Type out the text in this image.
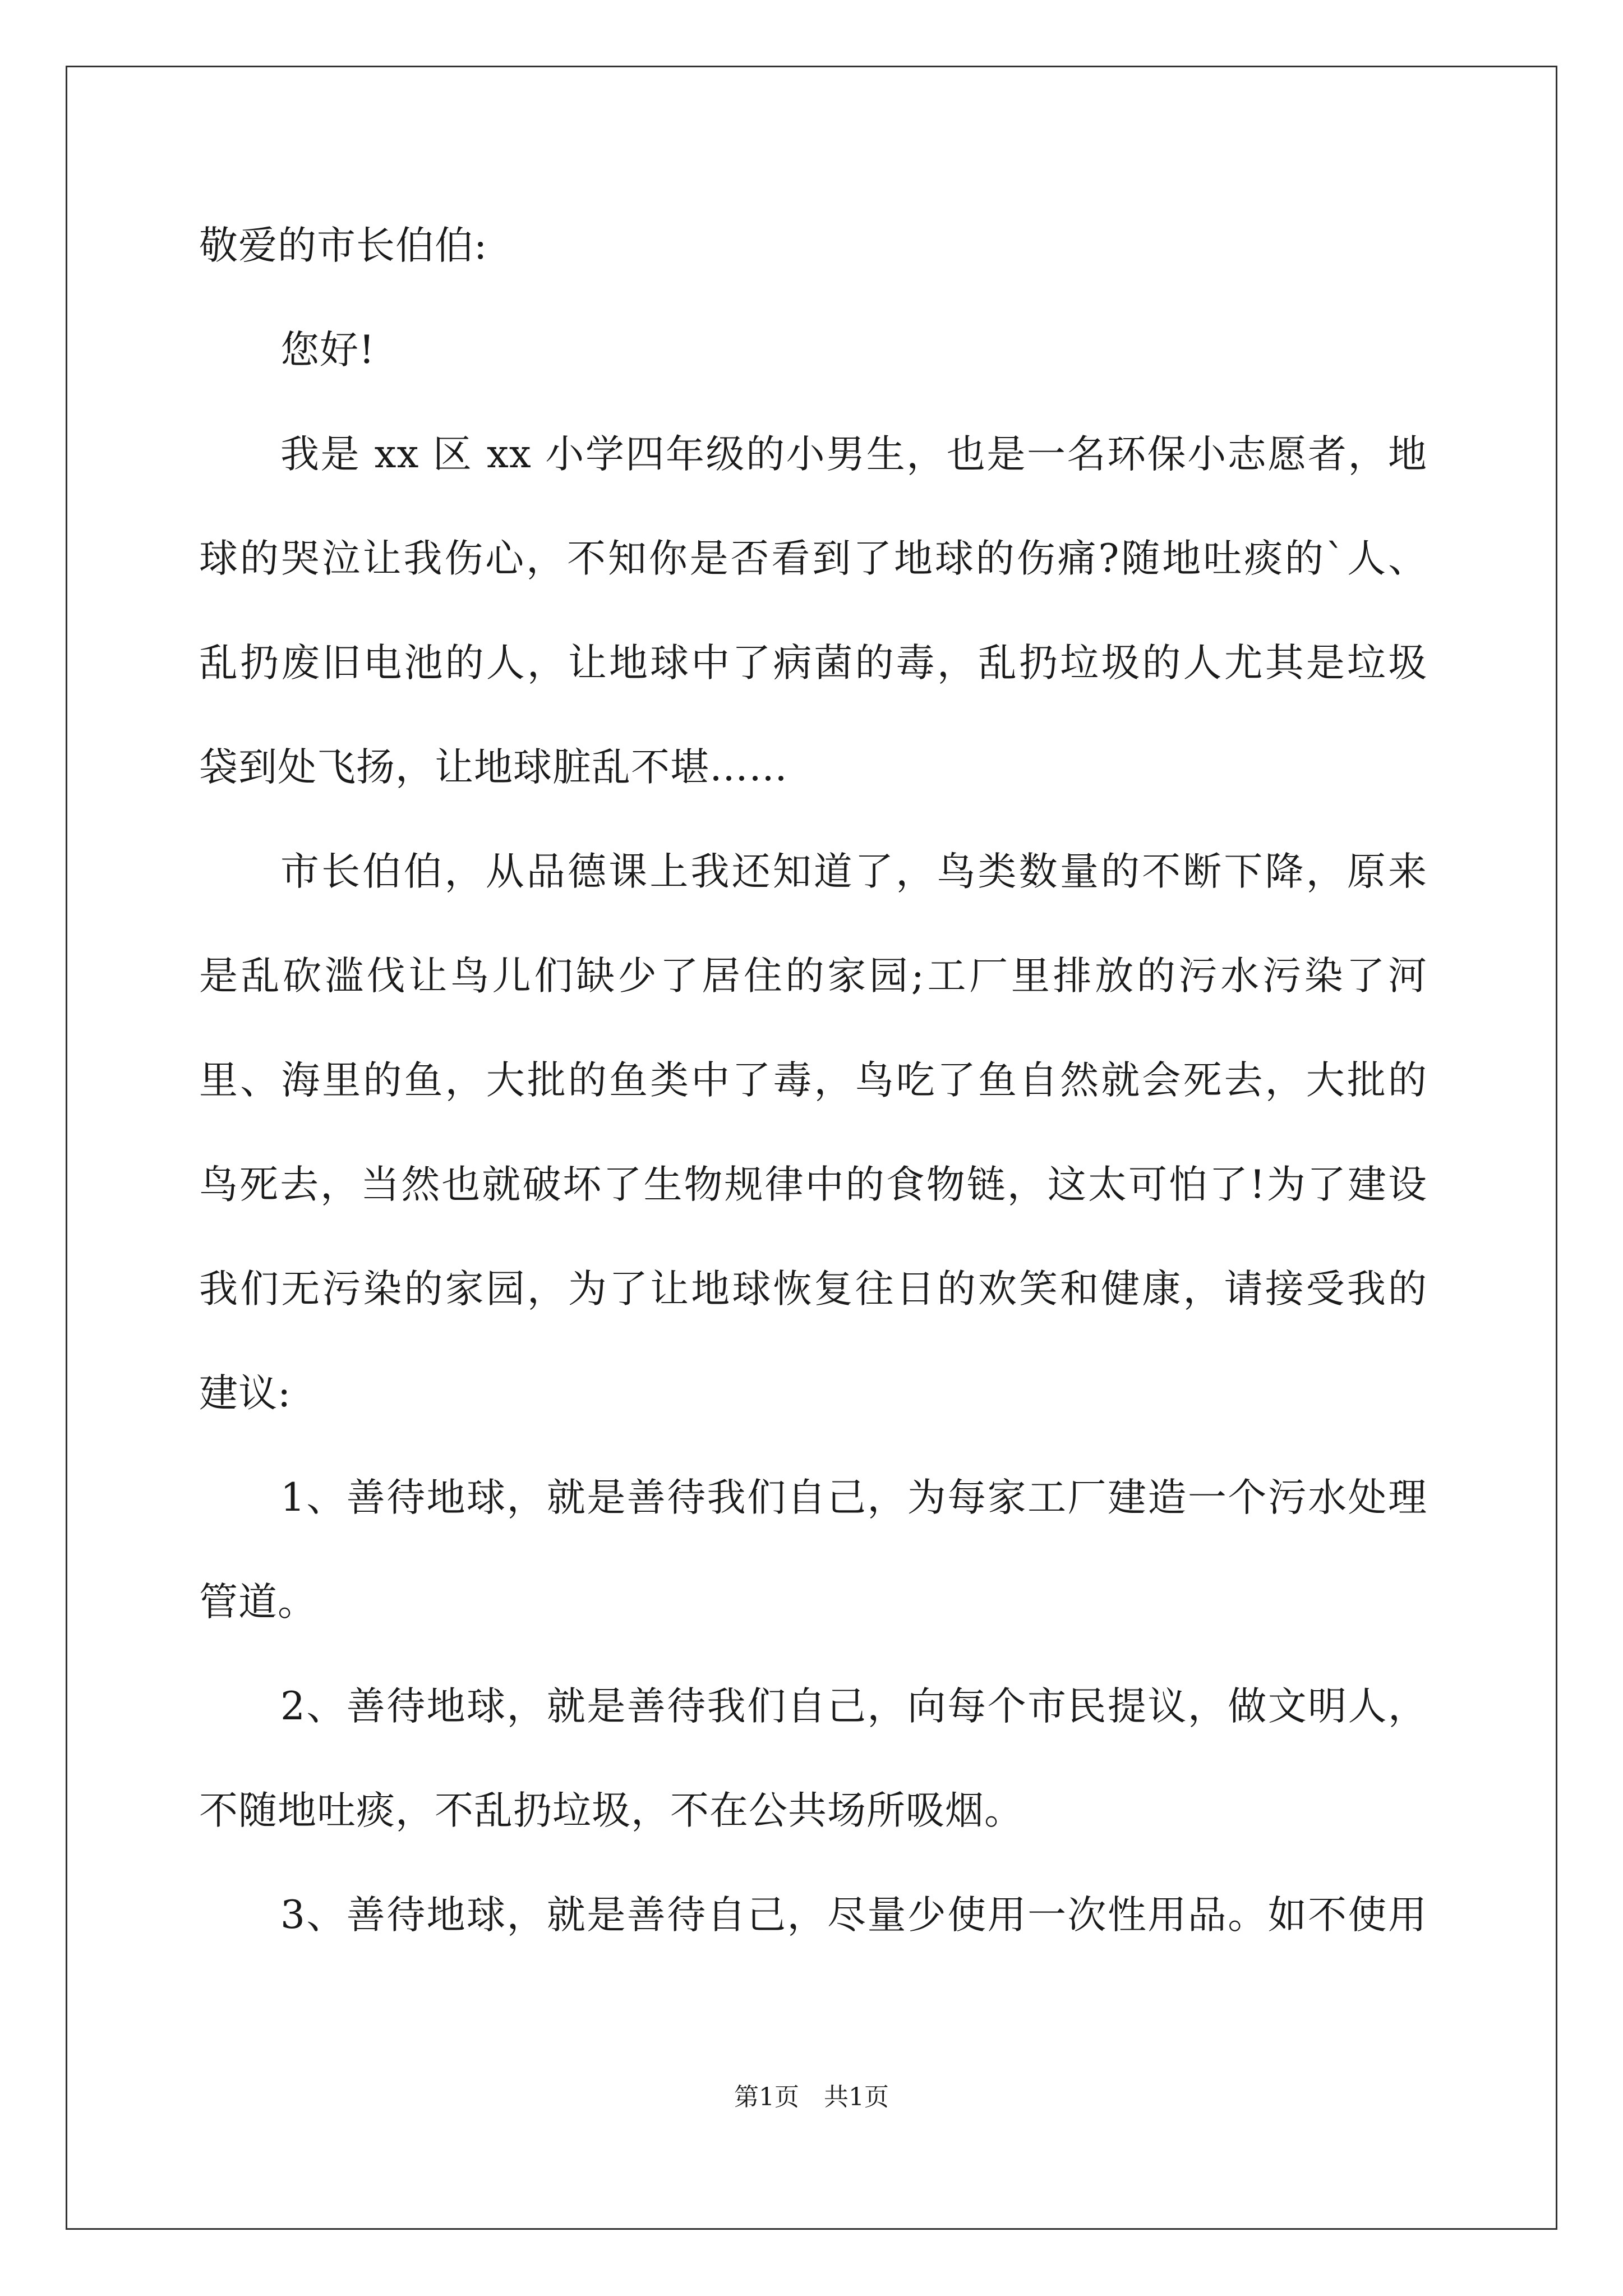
敬爱的市长伯伯:
您好!
我是 xx 区 xx 小学四年级的小男生，也是一名环保小志愿者，地
球的哭泣让我伤心，不知你是否看到了地球的伤痛?随地吐痰的`人、
乱扔废旧电池的人，让地球中了病菌的毒，乱扔垃圾的人尤其是垃圾
袋到处飞扬，让地球脏乱不堪……
市长伯伯，从品德课上我还知道了，鸟类数量的不断下降，原来
是乱砍滥伐让鸟儿们缺少了居住的家园;工厂里排放的污水污染了河
里、海里的鱼，大批的鱼类中了毒，鸟吃了鱼自然就会死去，大批的
鸟死去，当然也就破坏了生物规律中的食物链，这太可怕了!为了建设
我们无污染的家园，为了让地球恢复往日的欢笑和健康，请接受我的
建议:
1、善待地球，就是善待我们自己，为每家工厂建造一个污水处理
管道。
2、善待地球，就是善待我们自己，向每个市民提议，做文明人，
不随地吐痰，不乱扔垃圾，不在公共场所吸烟。
3、善待地球，就是善待自己，尽量少使用一次性用品。如不使用
第1页　共1页
